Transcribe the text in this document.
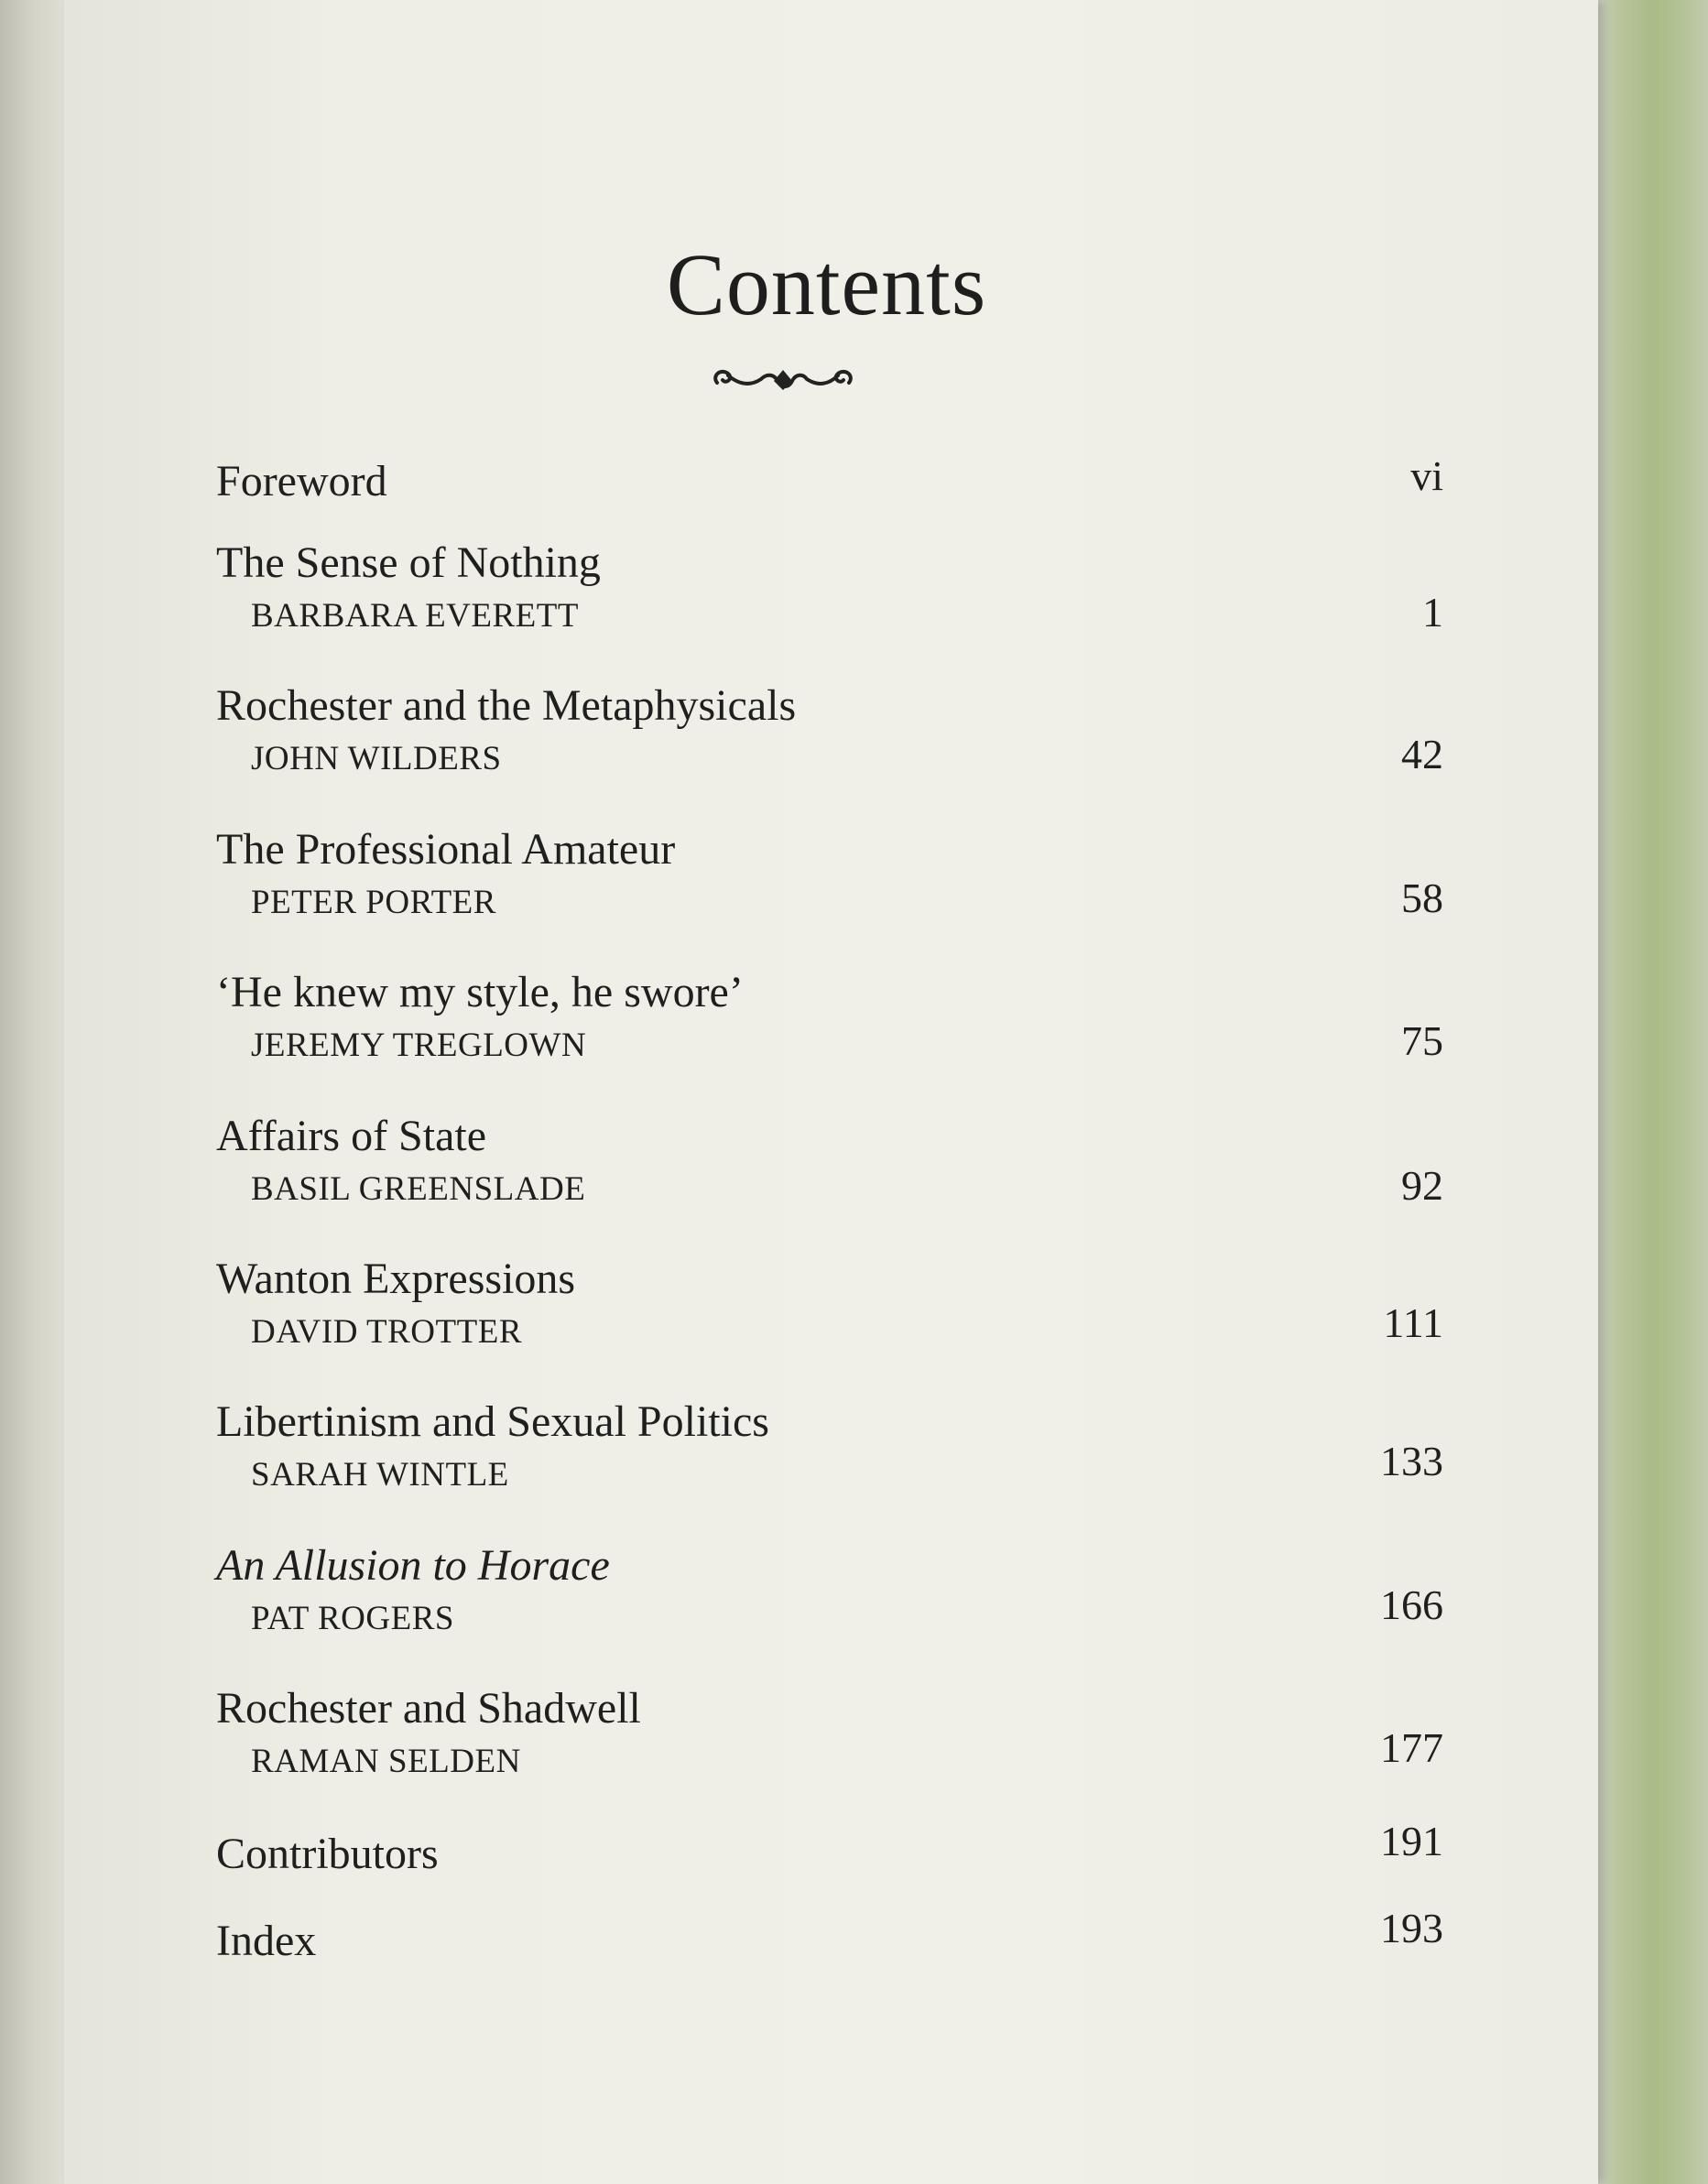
Contents
Foreword	vi
The Sense of Nothing
BARBARA EVERETT	1
Rochester and the Metaphysicals
JOHN WILDERS	42
The Professional Amateur
PETER PORTER	58
‘He knew my style, he swore’
JEREMY TREGLOWN	75
Affairs of State
BASIL GREENSLADE	92
Wanton Expressions
DAVID TROTTER	111
Libertinism and Sexual Politics
SARAH WINTLE	133
An Allusion to Horace
PAT ROGERS	166
Rochester and Shadwell
RAMAN SELDEN	177
Contributors	191
Index	193
